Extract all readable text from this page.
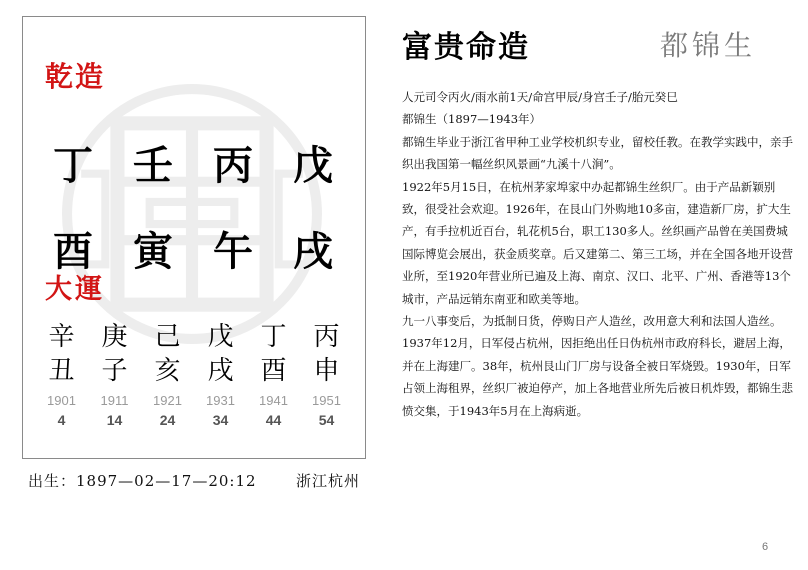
乾造
丁 壬 丙 戊
酉 寅 午 戌
大運
辛
丑
1901
4
庚
子
1911
14
己
亥
1921
24
戊
戌
1931
34
丁
酉
1941
44
丙
申
1951
54
出生：1897—02—17—20:12	浙江杭州
富贵命造	都锦生

人元司令丙火/雨水前1天/命宫甲辰/身宫壬子/胎元癸巳

都锦生（1897—1943年）

都锦生毕业于浙江省甲种工业学校机织专业，留校任教。在教学实践中，亲手织出我国第一幅丝织风景画“九溪十八涧”。

1922年5月15日，在杭州茅家埠家中办起都锦生丝织厂。由于产品新颖别致，很受社会欢迎。1926年，在艮山门外购地10多亩，建造新厂房，扩大生产，有手拉机近百台，轧花机5台，职工130多人。丝织画产品曾在美国费城国际博览会展出，获金质奖章。后又建第二、第三工场，并在全国各地开设营业所，至1920年营业所已遍及上海、南京、汉口、北平、广州、香港等13个城市，产品远销东南亚和欧美等地。

九一八事变后，为抵制日货，停购日产人造丝，改用意大利和法国人造丝。1937年12月，日军侵占杭州，因拒绝出任日伪杭州市政府科长，避居上海，并在上海建厂。38年，杭州艮山门厂房与设备全被日军烧毁。1930年，日军占领上海租界，丝织厂被迫停产，加上各地营业所先后被日机炸毁，都锦生悲愤交集，于1943年5月在上海病逝。

6
